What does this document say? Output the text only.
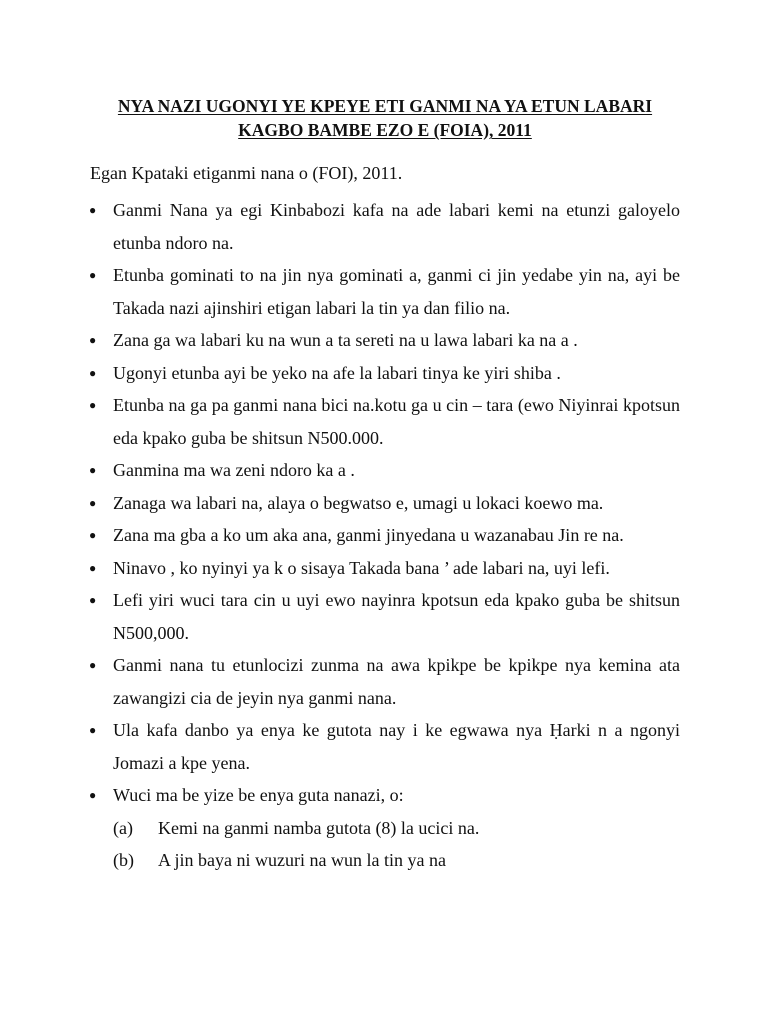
NYA NAZI UGONYI YE KPEYE ETI GANMI NA YA ETUN LABARI
KAGBO BAMBE EZO E (FOIA), 2011
Egan Kpataki etiganmi nana o (FOI), 2011.
● Ganmi Nana ya egi Kinbabozi kafa na ade labari kemi na etunzi galoyelo etunba ndoro na.
● Etunba gominati to na jin nya gominati a, ganmi ci jin yedabe yin na, ayi be Takada nazi ajinshiri etigan labari la tin ya dan filio na.
● Zana ga wa labari ku na wun a ta sereti na u lawa labari ka na a .
● Ugonyi etunba ayi be yeko na afe la labari tinya ke yiri shiba .
● Etunba na ga pa ganmi nana bici na.kotu ga u cin – tara (ewo Niyinrai kpotsun eda kpako guba be shitsun N500.000.
● Ganmina ma wa zeni ndoro ka a .
● Zanaga wa labari na, alaya o begwatso e, umagi u lokaci koewo ma.
● Zana ma gba a ko um aka ana, ganmi jinyedana u wazanabau Jin re na.
● Ninavo , ko nyinyi ya k o sisaya Takada bana ’ ade labari na, uyi lefi.
● Lefi yiri wuci tara cin u uyi ewo nayinra kpotsun eda kpako guba be shitsun N500,000.
● Ganmi nana tu etunlocizi zunma na awa kpikpe be kpikpe nya kemina ata zawangizi cia de jeyin nya ganmi nana.
● Ula kafa danbo ya enya ke gutota nay i ke egwawa nya Ḥarki n a ngonyi Jomazi a kpe yena.
● Wuci ma be yize be enya guta nanazi, o:
(a) Kemi na ganmi namba gutota (8) la ucici na.
(b) A jin baya ni wuzuri na wun la tin ya na
